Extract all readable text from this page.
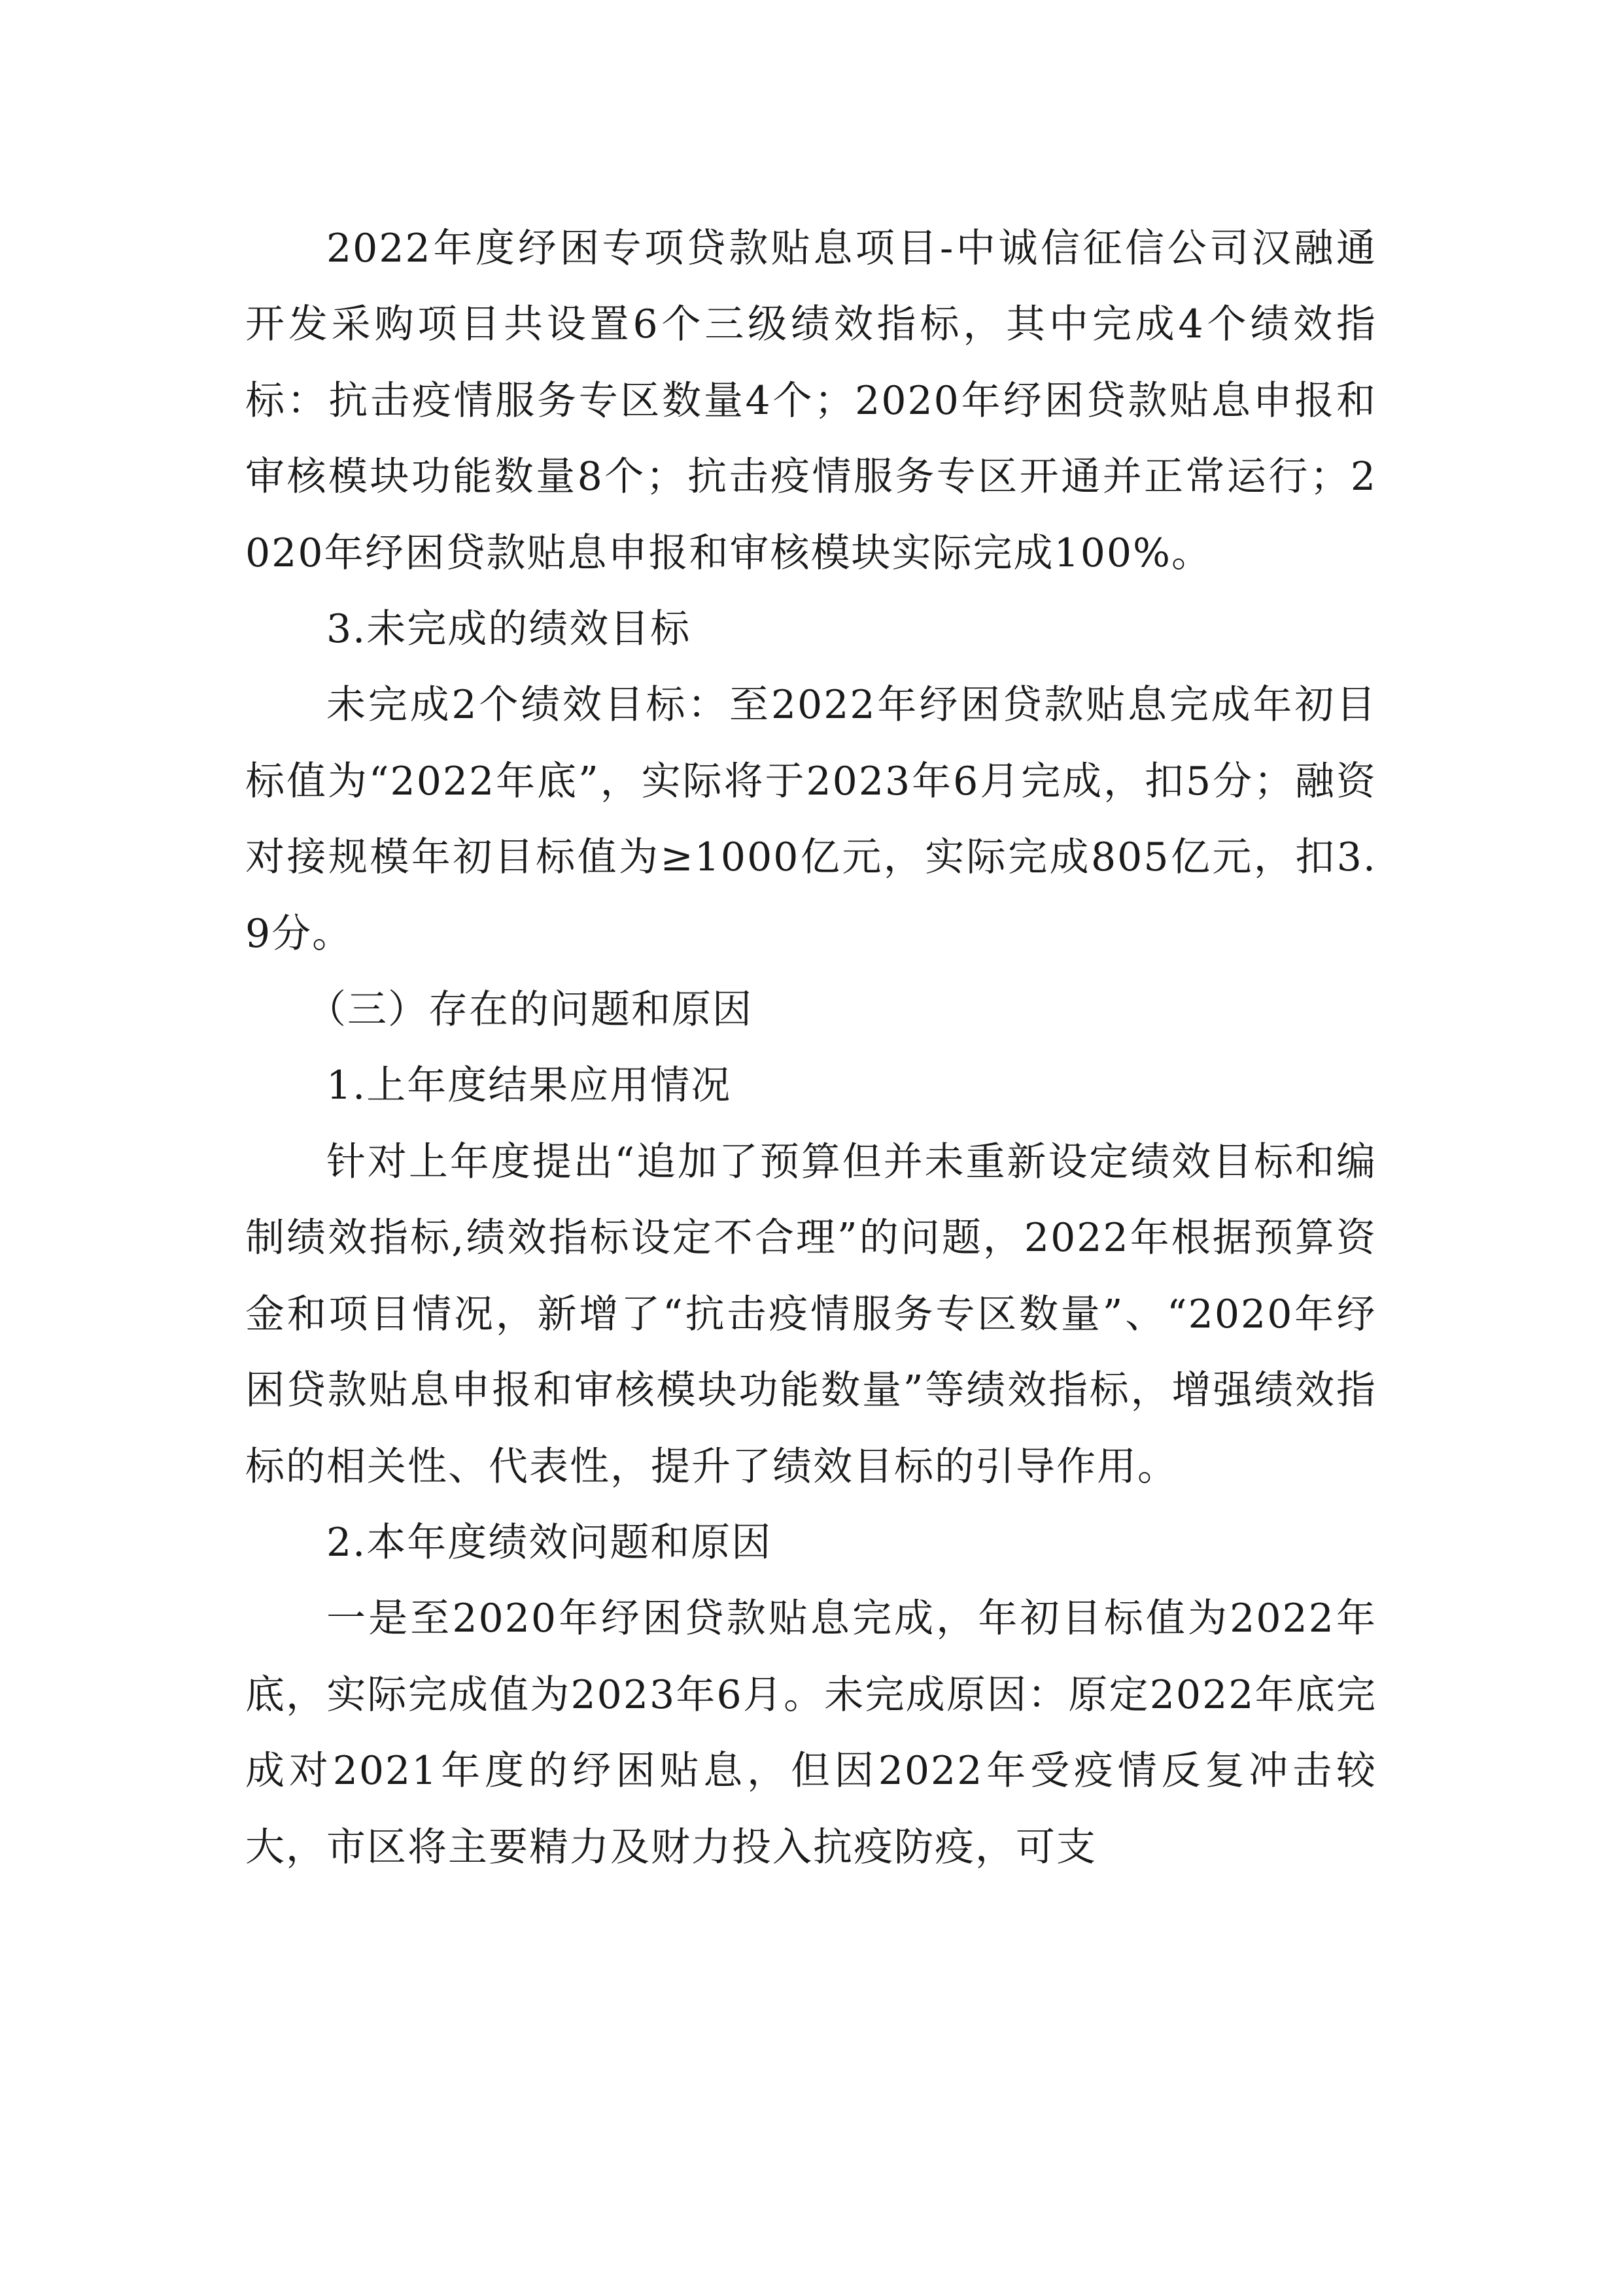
2022年度纾困专项贷款贴息项目-中诚信征信公司汉融通开发采购项目共设置6个三级绩效指标，其中完成4个绩效指标：抗击疫情服务专区数量4个；2020年纾困贷款贴息申报和审核模块功能数量8个；抗击疫情服务专区开通并正常运行；2020年纾困贷款贴息申报和审核模块实际完成100%。

3.未完成的绩效目标

未完成2个绩效目标：至2022年纾困贷款贴息完成年初目标值为“2022年底”，实际将于2023年6月完成，扣5分；融资对接规模年初目标值为≥1000亿元，实际完成805亿元，扣3.9分。

（三）存在的问题和原因

1.上年度结果应用情况

针对上年度提出“追加了预算但并未重新设定绩效目标和编制绩效指标,绩效指标设定不合理”的问题，2022年根据预算资金和项目情况，新增了“抗击疫情服务专区数量”、“2020年纾困贷款贴息申报和审核模块功能数量”等绩效指标，增强绩效指标的相关性、代表性，提升了绩效目标的引导作用。

2.本年度绩效问题和原因

一是至2020年纾困贷款贴息完成，年初目标值为2022年底，实际完成值为2023年6月。未完成原因：原定2022年底完成对2021年度的纾困贴息，但因2022年受疫情反复冲击较大，市区将主要精力及财力投入抗疫防疫，可支
